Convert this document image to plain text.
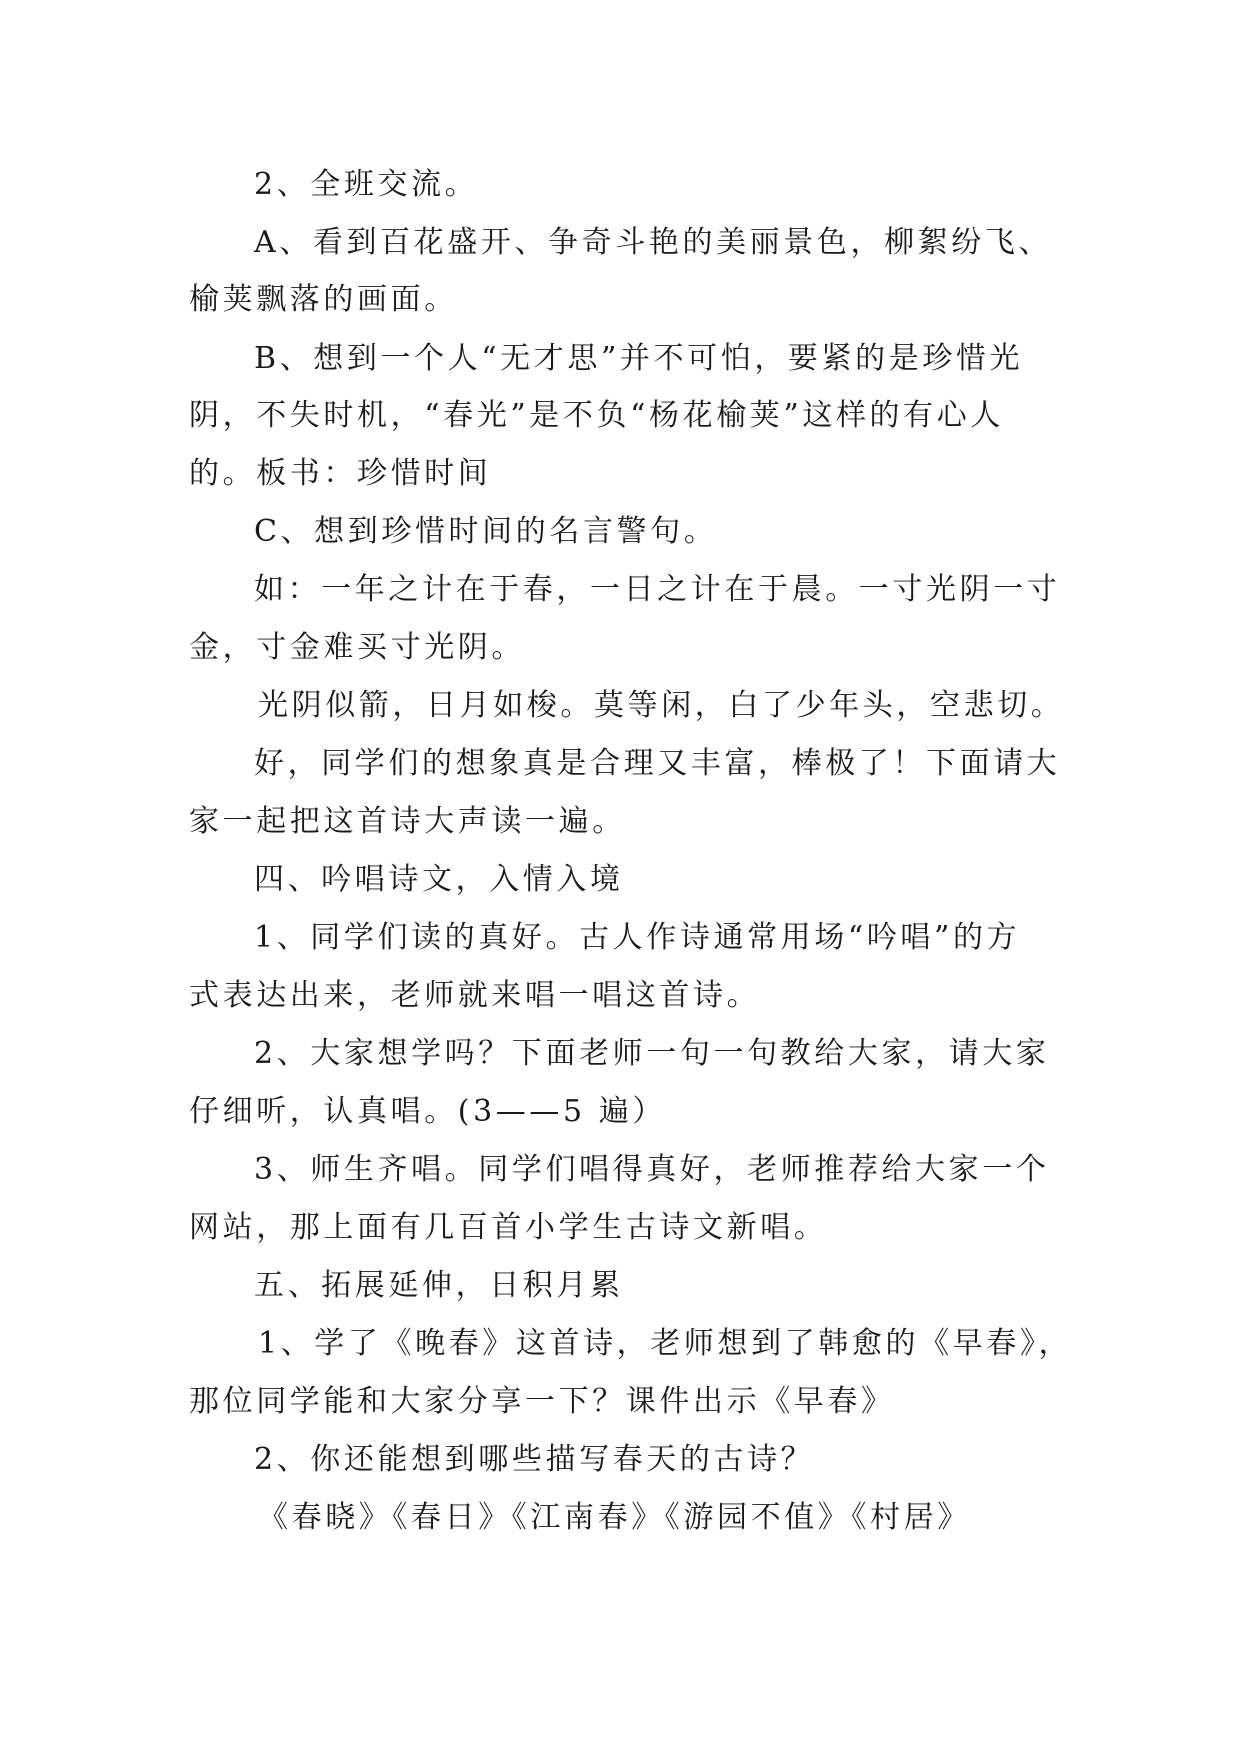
2、全班交流。
A、看到百花盛开、争奇斗艳的美丽景色，柳絮纷飞、
榆荚飘落的画面。
B、想到一个人“无才思”并不可怕，要紧的是珍惜光
阴，不失时机，“春光”是不负“杨花榆荚”这样的有心人
的。板书：珍惜时间
C、想到珍惜时间的名言警句。
如：一年之计在于春，一日之计在于晨。一寸光阴一寸
金，寸金难买寸光阴。
光阴似箭，日月如梭。莫等闲，白了少年头，空悲切。
好，同学们的想象真是合理又丰富，棒极了！下面请大
家一起把这首诗大声读一遍。
四、吟唱诗文，入情入境
1、同学们读的真好。古人作诗通常用场“吟唱”的方
式表达出来，老师就来唱一唱这首诗。
2、大家想学吗？下面老师一句一句教给大家，请大家
仔细听，认真唱。(3——5 遍）
3、师生齐唱。同学们唱得真好，老师推荐给大家一个
网站，那上面有几百首小学生古诗文新唱。
五、拓展延伸，日积月累
1、学了《晚春》这首诗，老师想到了韩愈的《早春》，
那位同学能和大家分享一下？课件出示《早春》
2、你还能想到哪些描写春天的古诗？
《春晓》《春日》《江南春》《游园不值》《村居》
